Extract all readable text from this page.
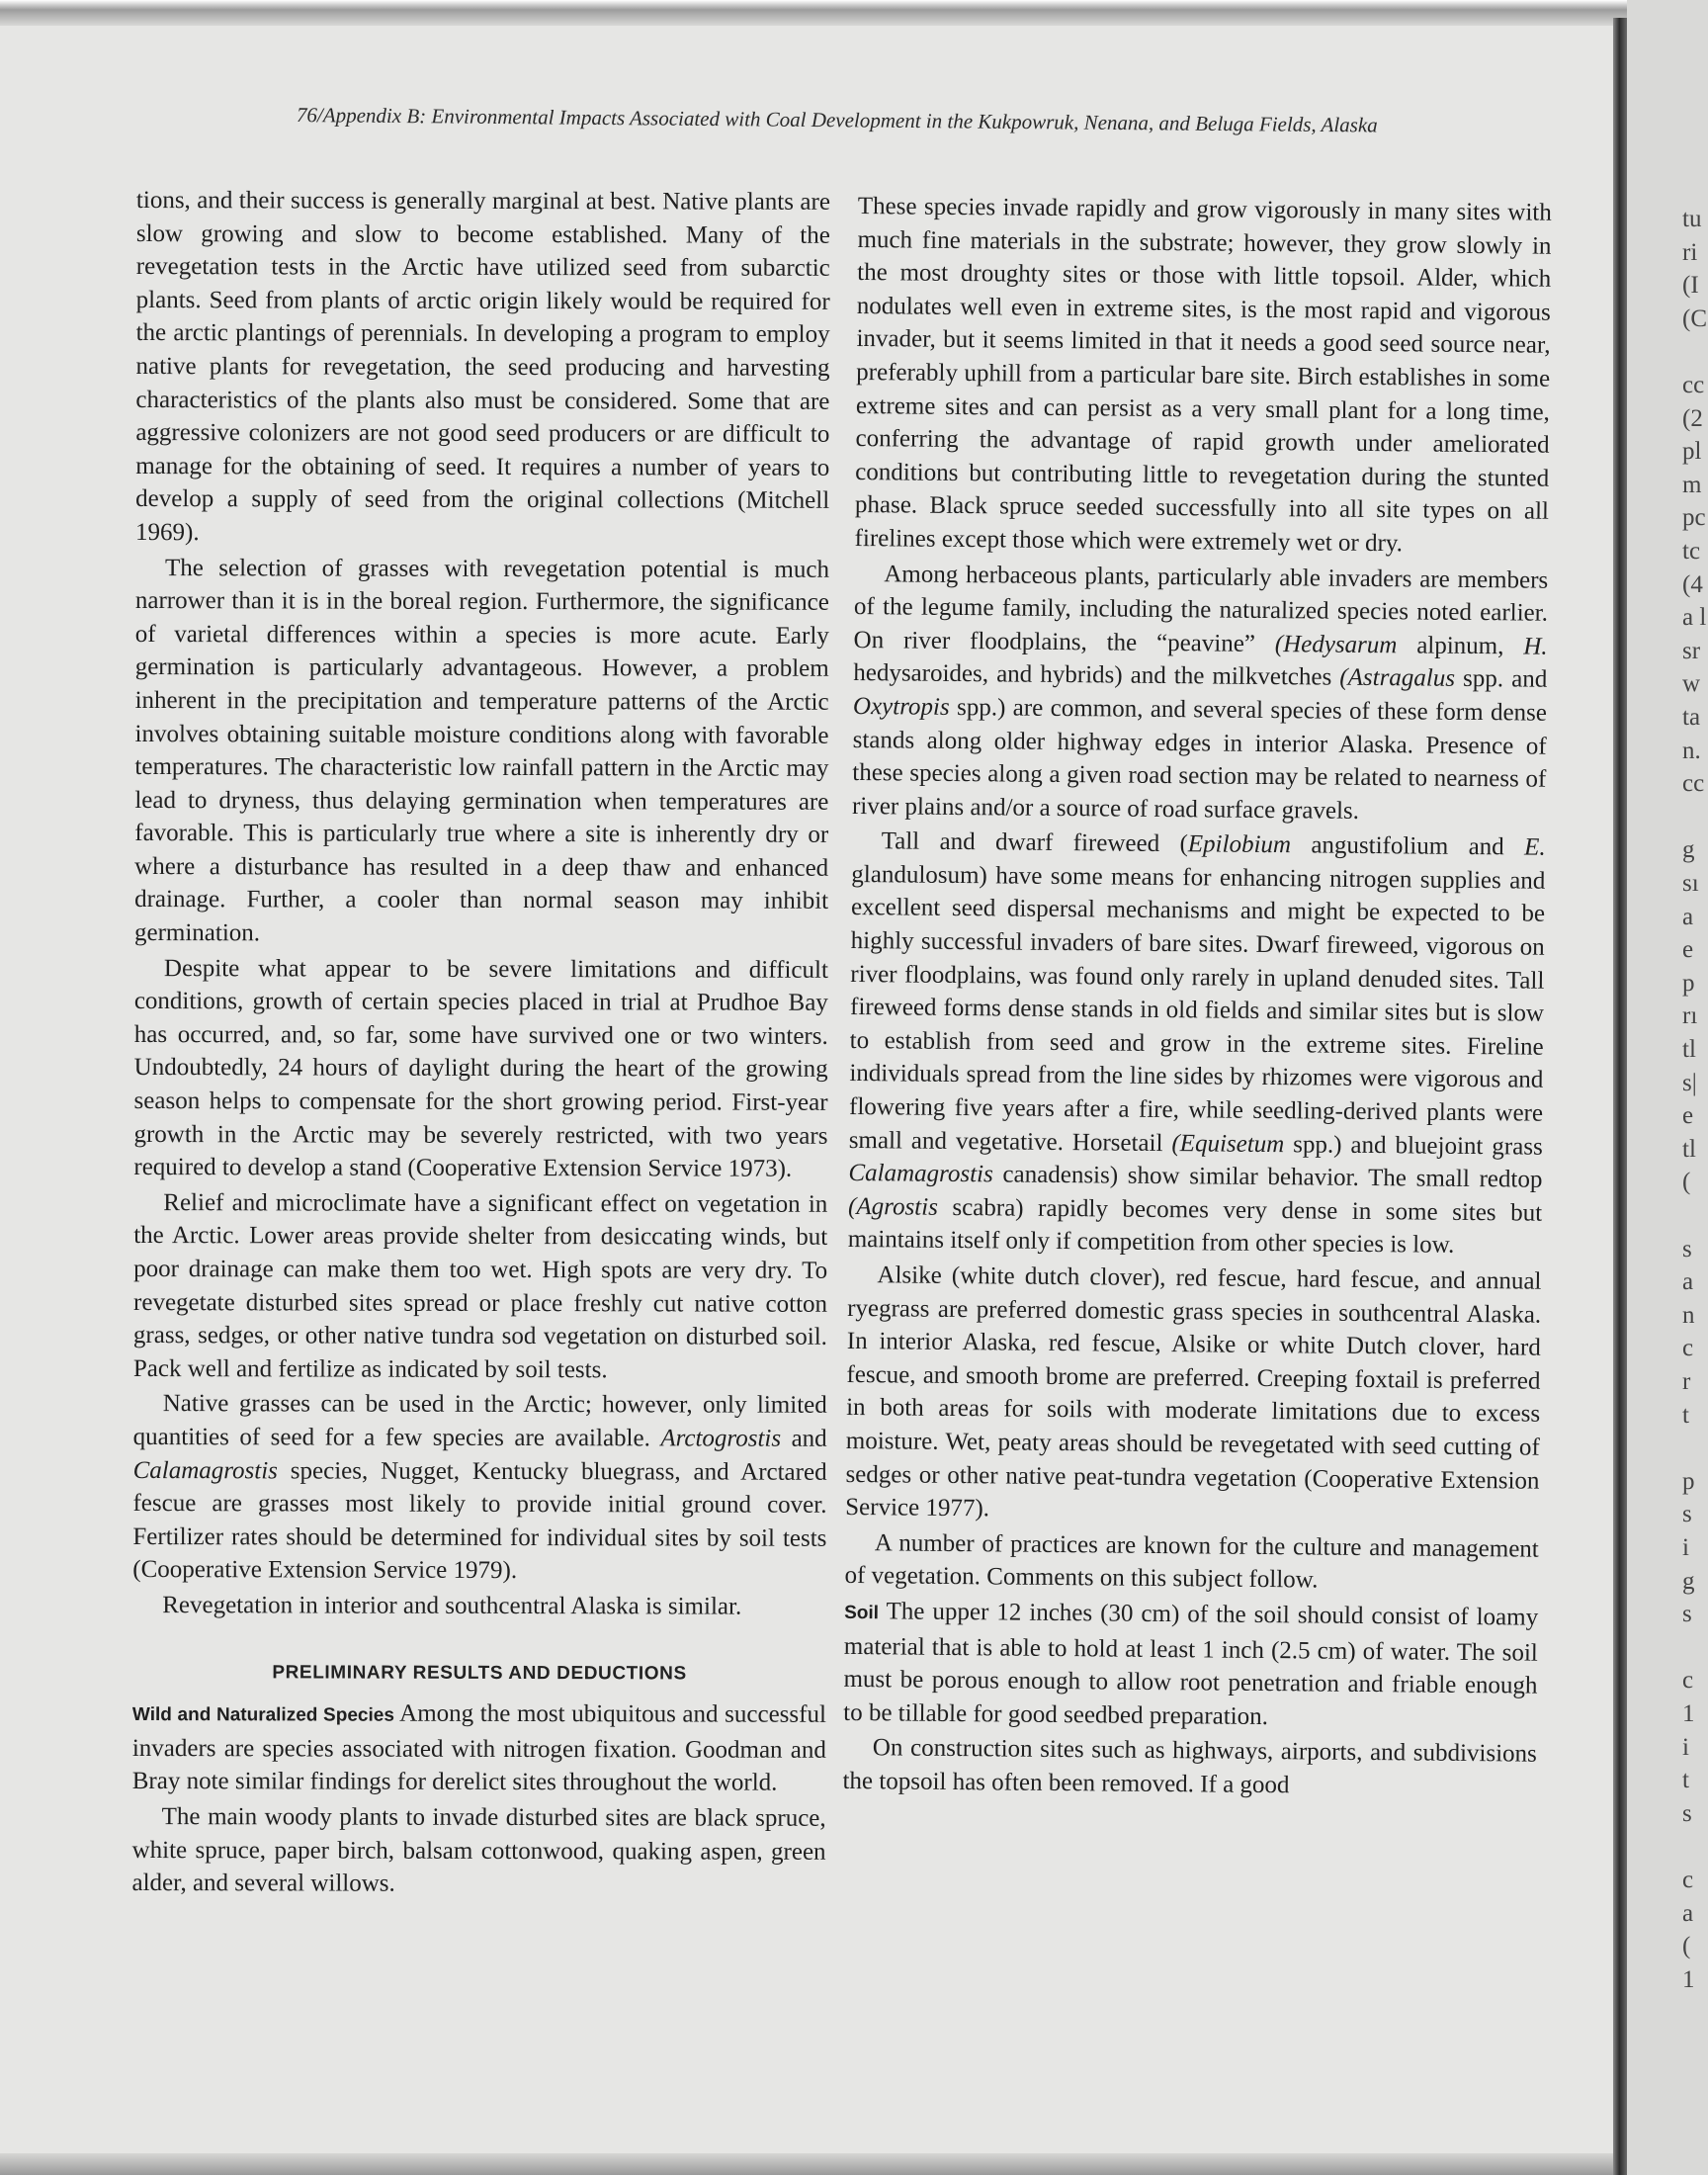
tu
ri
(I
(C
cc
(2
pl
m
pc
tc
(4
a l
sr
w
ta
n.
cc
g
sı
a
e
p
rı
tl
s|
e
tl
(
s
a
n
c
r
t
p
s
i
g
s
c
1
i
t
s
c
a
(
1
76/Appendix B: Environmental Impacts Associated with Coal Development in the Kukpowruk, Nenana, and Beluga Fields, Alaska

tions, and their success is generally marginal at best. Native plants are slow growing and slow to become established. Many of the revegetation tests in the Arctic have utilized seed from subarctic plants. Seed from plants of arctic origin likely would be required for the arctic plantings of perennials. In developing a program to employ native plants for revegetation, the seed producing and harvesting characteristics of the plants also must be considered. Some that are aggressive colonizers are not good seed producers or are difficult to manage for the obtaining of seed. It requires a number of years to develop a supply of seed from the original collections (Mitchell 1969).

The selection of grasses with revegetation potential is much narrower than it is in the boreal region. Furthermore, the significance of varietal differences within a species is more acute. Early germination is particularly advantageous. However, a problem inherent in the precipitation and temperature patterns of the Arctic involves obtaining suitable moisture conditions along with favorable temperatures. The characteristic low rainfall pattern in the Arctic may lead to dryness, thus delaying germination when temperatures are favorable. This is particularly true where a site is inherently dry or where a disturbance has resulted in a deep thaw and enhanced drainage. Further, a cooler than normal season may inhibit germination.

Despite what appear to be severe limitations and difficult conditions, growth of certain species placed in trial at Prudhoe Bay has occurred, and, so far, some have survived one or two winters. Undoubtedly, 24 hours of daylight during the heart of the growing season helps to compensate for the short growing period. First-year growth in the Arctic may be severely restricted, with two years required to develop a stand (Cooperative Extension Service 1973).

Relief and microclimate have a significant effect on vegetation in the Arctic. Lower areas provide shelter from desiccating winds, but poor drainage can make them too wet. High spots are very dry. To revegetate disturbed sites spread or place freshly cut native cotton grass, sedges, or other native tundra sod vegetation on disturbed soil. Pack well and fertilize as indicated by soil tests.

Native grasses can be used in the Arctic; however, only limited quantities of seed for a few species are available. Arctogrostis and Calamagrostis species, Nugget, Kentucky bluegrass, and Arctared fescue are grasses most likely to provide initial ground cover. Fertilizer rates should be determined for individual sites by soil tests (Cooperative Extension Service 1979).

Revegetation in interior and southcentral Alaska is similar.

PRELIMINARY RESULTS AND DEDUCTIONS

Wild and Naturalized Species Among the most ubiquitous and successful invaders are species associated with nitrogen fixation. Goodman and Bray note similar findings for derelict sites throughout the world.

The main woody plants to invade disturbed sites are black spruce, white spruce, paper birch, balsam cottonwood, quaking aspen, green alder, and several willows.

These species invade rapidly and grow vigorously in many sites with much fine materials in the substrate; however, they grow slowly in the most droughty sites or those with little topsoil. Alder, which nodulates well even in extreme sites, is the most rapid and vigorous invader, but it seems limited in that it needs a good seed source near, preferably uphill from a particular bare site. Birch establishes in some extreme sites and can persist as a very small plant for a long time, conferring the advantage of rapid growth under ameliorated conditions but contributing little to revegetation during the stunted phase. Black spruce seeded successfully into all site types on all firelines except those which were extremely wet or dry.

Among herbaceous plants, particularly able invaders are members of the legume family, including the naturalized species noted earlier. On river floodplains, the “peavine” (Hedysarum alpinum, H. hedysaroides, and hybrids) and the milkvetches (Astragalus spp. and Oxytropis spp.) are common, and several species of these form dense stands along older highway edges in interior Alaska. Presence of these species along a given road section may be related to nearness of river plains and/or a source of road surface gravels.

Tall and dwarf fireweed (Epilobium angustifolium and E. glandulosum) have some means for enhancing nitrogen supplies and excellent seed dispersal mechanisms and might be expected to be highly successful invaders of bare sites. Dwarf fireweed, vigorous on river floodplains, was found only rarely in upland denuded sites. Tall fireweed forms dense stands in old fields and similar sites but is slow to establish from seed and grow in the extreme sites. Fireline individuals spread from the line sides by rhizomes were vigorous and flowering five years after a fire, while seedling-derived plants were small and vegetative. Horsetail (Equisetum spp.) and bluejoint grass Calamagrostis canadensis) show similar behavior. The small redtop (Agrostis scabra) rapidly becomes very dense in some sites but maintains itself only if competition from other species is low.

Alsike (white dutch clover), red fescue, hard fescue, and annual ryegrass are preferred domestic grass species in southcentral Alaska. In interior Alaska, red fescue, Alsike or white Dutch clover, hard fescue, and smooth brome are preferred. Creeping foxtail is preferred in both areas for soils with moderate limitations due to excess moisture. Wet, peaty areas should be revegetated with seed cutting of sedges or other native peat-tundra vegetation (Cooperative Extension Service 1977).

A number of practices are known for the culture and management of vegetation. Comments on this subject follow.

Soil The upper 12 inches (30 cm) of the soil should consist of loamy material that is able to hold at least 1 inch (2.5 cm) of water. The soil must be porous enough to allow root penetration and friable enough to be tillable for good seedbed preparation.

On construction sites such as highways, airports, and subdivisions the topsoil has often been removed. If a good
